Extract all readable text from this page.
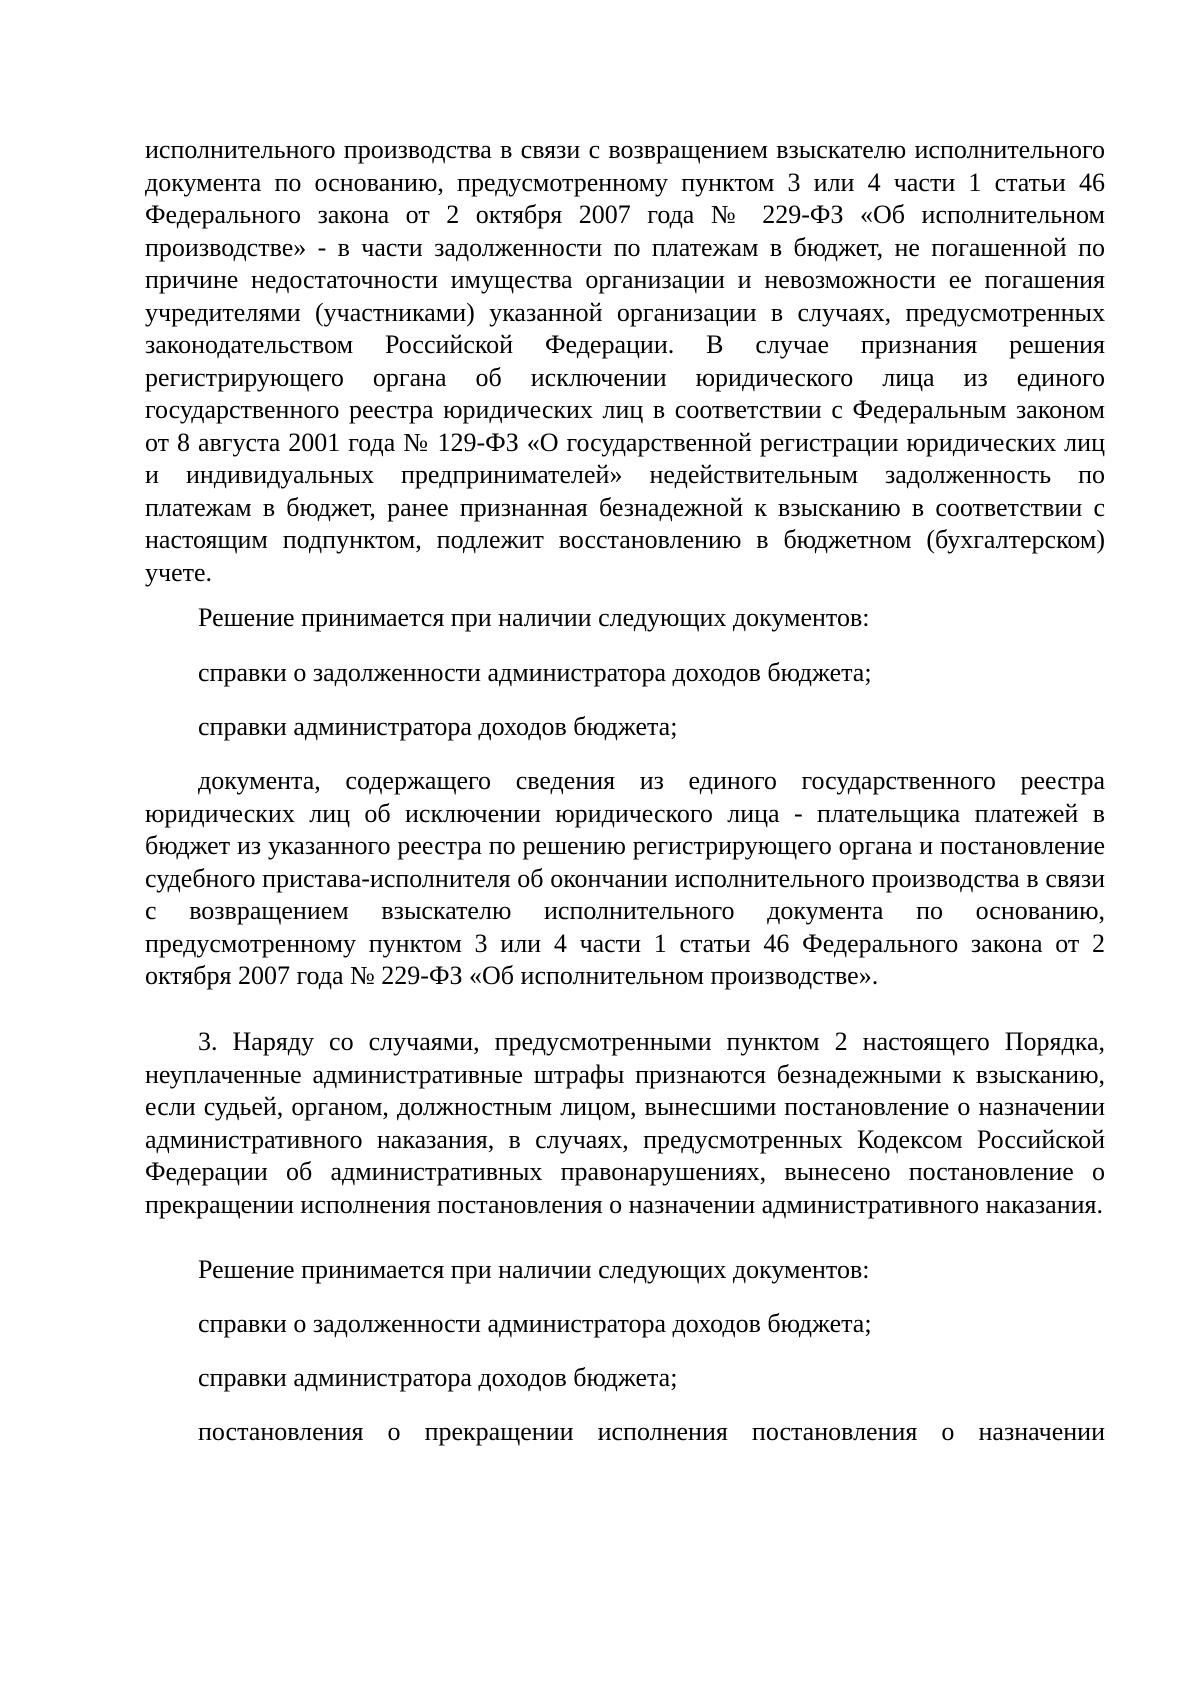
исполнительного производства в связи с возвращением взыскателю исполнительного документа по основанию, предусмотренному пунктом 3 или 4 части 1 статьи 46 Федерального закона от 2 октября 2007 года № 229-ФЗ «Об исполнительном производстве» - в части задолженности по платежам в бюджет, не погашенной по причине недостаточности имущества организации и невозможности ее погашения учредителями (участниками) указанной организации в случаях, предусмотренных законодательством Российской Федерации. В случае признания решения регистрирующего органа об исключении юридического лица из единого государственного реестра юридических лиц в соответствии с Федеральным законом от 8 августа 2001 года № 129-ФЗ «О государственной регистрации юридических лиц и индивидуальных предпринимателей» недействительным задолженность по платежам в бюджет, ранее признанная безнадежной к взысканию в соответствии с настоящим подпунктом, подлежит восстановлению в бюджетном (бухгалтерском) учете.

Решение принимается при наличии следующих документов:

справки о задолженности администратора доходов бюджета;

справки администратора доходов бюджета;

документа, содержащего сведения из единого государственного реестра юридических лиц об исключении юридического лица - плательщика платежей в бюджет из указанного реестра по решению регистрирующего органа и постановление судебного пристава-исполнителя об окончании исполнительного производства в связи с возвращением взыскателю исполнительного документа по основанию, предусмотренному пунктом 3 или 4 части 1 статьи 46 Федерального закона от 2 октября 2007 года № 229-ФЗ «Об исполнительном производстве».

3. Наряду со случаями, предусмотренными пунктом 2 настоящего Порядка, неуплаченные административные штрафы признаются безнадежными к взысканию, если судьей, органом, должностным лицом, вынесшими постановление о назначении административного наказания, в случаях, предусмотренных Кодексом Российской Федерации об административных правонарушениях, вынесено постановление о прекращении исполнения постановления о назначении административного наказания.

Решение принимается при наличии следующих документов:

справки о задолженности администратора доходов бюджета;

справки администратора доходов бюджета;

постановления о прекращении исполнения постановления о назначении
